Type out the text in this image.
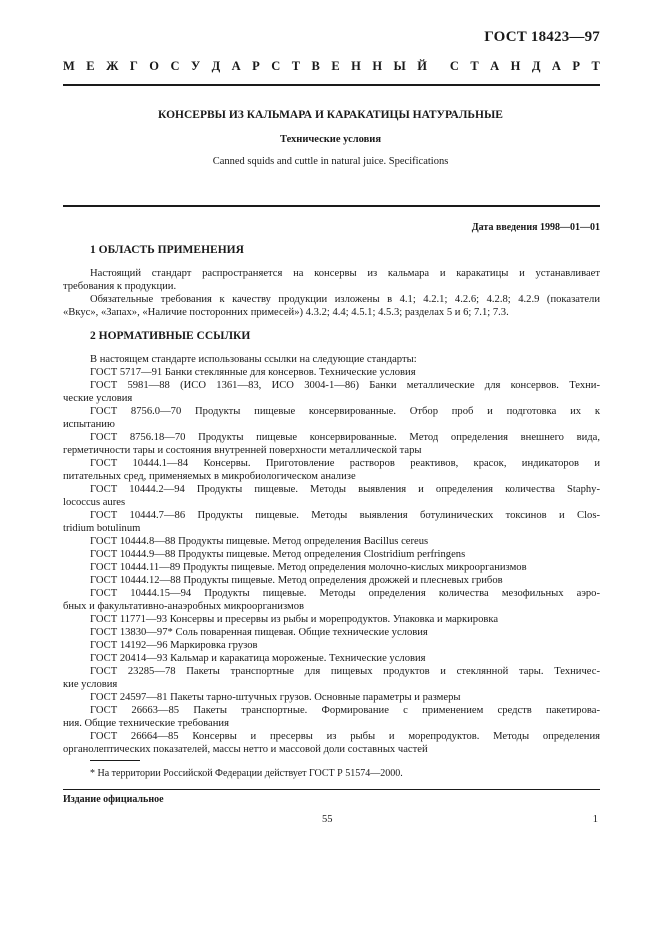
ГОСТ 18423—97
М Е Ж Г О С У Д А Р С Т В Е Н Н Ы Й С Т А Н Д А Р Т
КОНСЕРВЫ ИЗ КАЛЬМАРА И КАРАКАТИЦЫ НАТУРАЛЬНЫЕ
Технические условия
Canned squids and cuttle in natural juice. Specifications
Дата введения 1998—01—01
1 ОБЛАСТЬ ПРИМЕНЕНИЯ
Настоящий стандарт распространяется на консервы из кальмара и каракатицы и устанавливает
требования к продукции.
Обязательные требования к качеству продукции изложены в 4.1; 4.2.1; 4.2.6; 4.2.8; 4.2.9 (показатели
«Вкус», «Запах», «Наличие посторонних примесей») 4.3.2; 4.4; 4.5.1; 4.5.3; разделах 5 и 6; 7.1; 7.3.
2 НОРМАТИВНЫЕ ССЫЛКИ
В настоящем стандарте использованы ссылки на следующие стандарты:
ГОСТ 5717—91 Банки стеклянные для консервов. Технические условия
ГОСТ 5981—88 (ИСО 1361—83, ИСО 3004-1—86) Банки металлические для консервов. Техни-
ческие условия
ГОСТ 8756.0—70 Продукты пищевые консервированные. Отбор проб и подготовка их к
испытанию
ГОСТ 8756.18—70 Продукты пищевые консервированные. Метод определения внешнего вида,
герметичности тары и состояния внутренней поверхности металлической тары
ГОСТ 10444.1—84 Консервы. Приготовление растворов реактивов, красок, индикаторов и
питательных сред, применяемых в микробиологическом анализе
ГОСТ 10444.2—94 Продукты пищевые. Методы выявления и определения количества Staphy-
lococcus aures
ГОСТ 10444.7—86 Продукты пищевые. Методы выявления ботулинических токсинов и Clos-
tridium botulinum
ГОСТ 10444.8—88 Продукты пищевые. Метод определения Bacillus cereus
ГОСТ 10444.9—88 Продукты пищевые. Метод определения Clostridium perfringens
ГОСТ 10444.11—89 Продукты пищевые. Метод определения молочно-кислых микроорганизмов
ГОСТ 10444.12—88 Продукты пищевые. Метод определения дрожжей и плесневых грибов
ГОСТ 10444.15—94 Продукты пищевые. Методы определения количества мезофильных аэро-
бных и факультативно-анаэробных микроорганизмов
ГОСТ 11771—93 Консервы и пресервы из рыбы и морепродуктов. Упаковка и маркировка
ГОСТ 13830—97* Соль поваренная пищевая. Общие технические условия
ГОСТ 14192—96 Маркировка грузов
ГОСТ 20414—93 Кальмар и каракатица мороженые. Технические условия
ГОСТ 23285—78 Пакеты транспортные для пищевых продуктов и стеклянной тары. Техничес-
кие условия
ГОСТ 24597—81 Пакеты тарно-штучных грузов. Основные параметры и размеры
ГОСТ 26663—85 Пакеты транспортные. Формирование с применением средств пакетирова-
ния. Общие технические требования
ГОСТ 26664—85 Консервы и пресервы из рыбы и морепродуктов. Методы определения
органолептических показателей, массы нетто и массовой доли составных частей
* На территории Российской Федерации действует ГОСТ Р 51574—2000.
Издание официальное
55	1
